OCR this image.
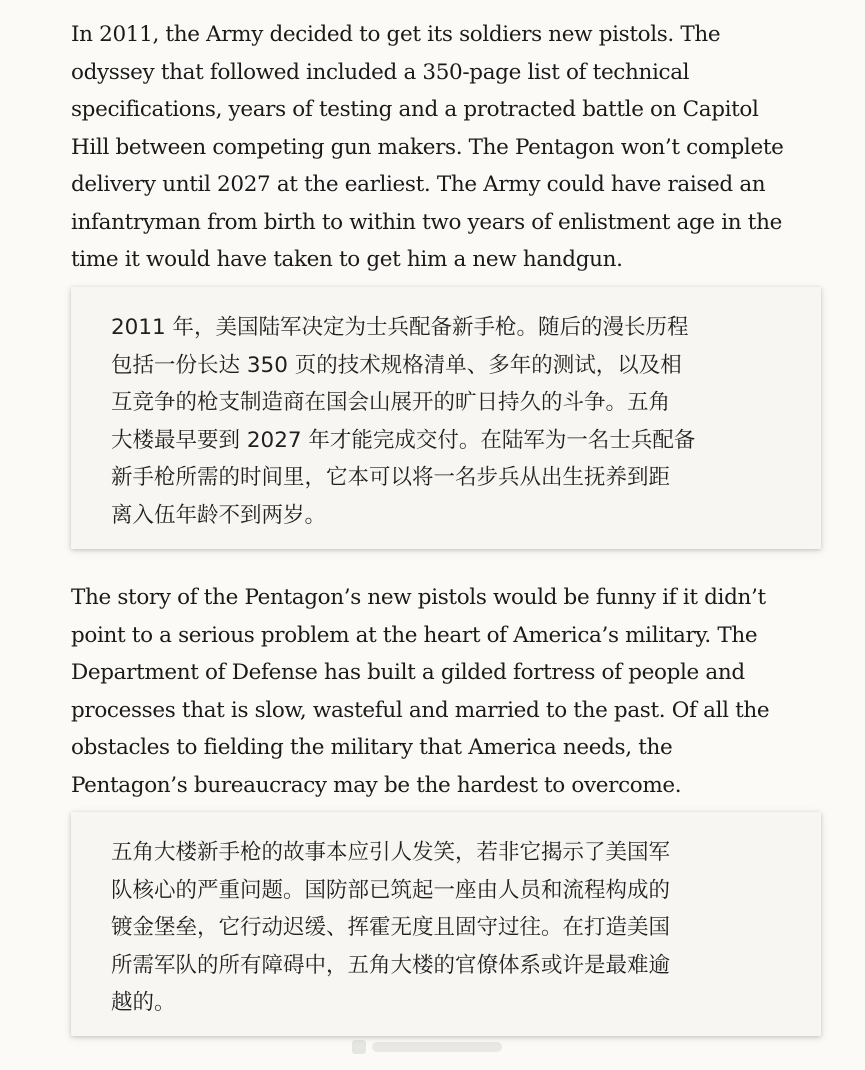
In 2011, the Army decided to get its soldiers new pistols. The
odyssey that followed included a 350-page list of technical
specifications, years of testing and a protracted battle on Capitol
Hill between competing gun makers. The Pentagon won’t complete
delivery until 2027 at the earliest. The Army could have raised an
infantryman from birth to within two years of enlistment age in the
time it would have taken to get him a new handgun.

2011 年，美国陆军决定为士兵配备新手枪。随后的漫长历程
包括一份长达 350 页的技术规格清单、多年的测试，以及相
互竞争的枪支制造商在国会山展开的旷日持久的斗争。五角
大楼最早要到 2027 年才能完成交付。在陆军为一名士兵配备
新手枪所需的时间里，它本可以将一名步兵从出生抚养到距
离入伍年龄不到两岁。

The story of the Pentagon’s new pistols would be funny if it didn’t
point to a serious problem at the heart of America’s military. The
Department of Defense has built a gilded fortress of people and
processes that is slow, wasteful and married to the past. Of all the
obstacles to fielding the military that America needs, the
Pentagon’s bureaucracy may be the hardest to overcome.

五角大楼新手枪的故事本应引人发笑，若非它揭示了美国军
队核心的严重问题。国防部已筑起一座由人员和流程构成的
镀金堡垒，它行动迟缓、挥霍无度且固守过往。在打造美国
所需军队的所有障碍中，五角大楼的官僚体系或许是最难逾
越的。
